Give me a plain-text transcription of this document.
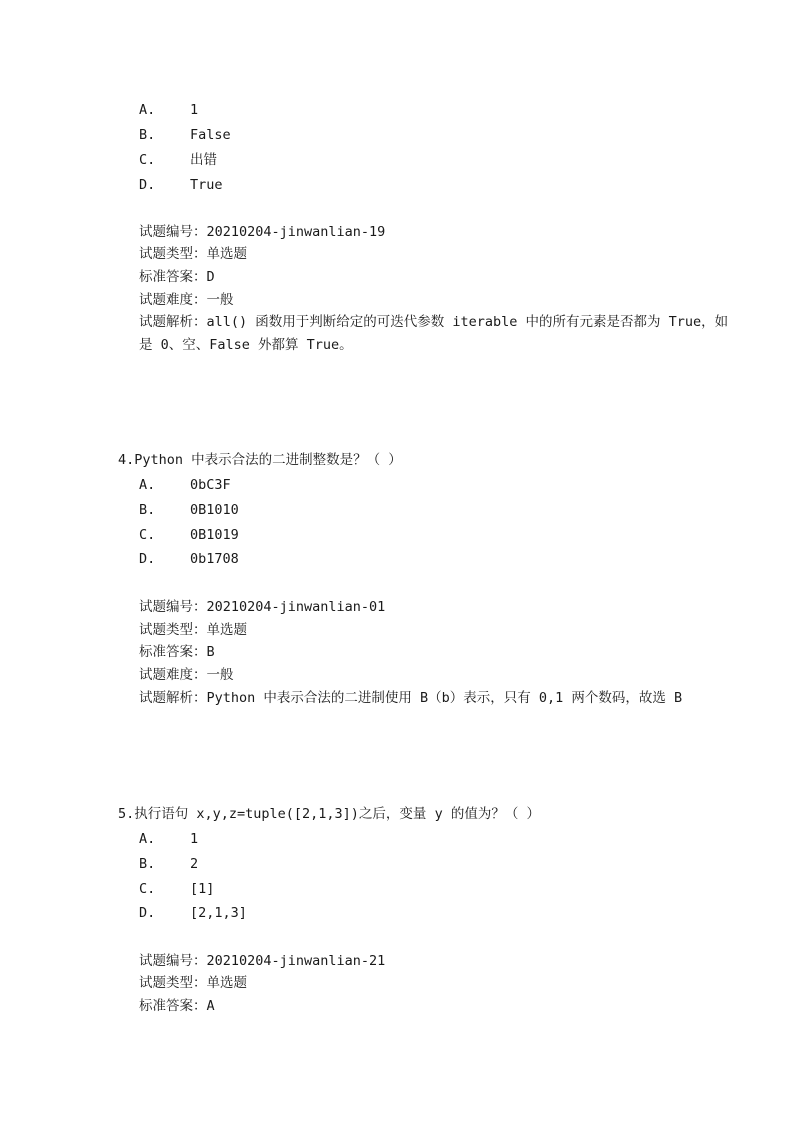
A.	1
B.	False
C.	出错
D.	True
试题编号：20210204-jinwanlian-19
试题类型：单选题
标准答案：D
试题难度：一般
试题解析：all() 函数用于判断给定的可迭代参数 iterable 中的所有元素是否都为 True，如
是 0、空、False 外都算 True。
4.Python 中表示合法的二进制整数是？（ ）
A.	0bC3F
B.	0B1010
C.	0B1019
D.	0b1708
试题编号：20210204-jinwanlian-01
试题类型：单选题
标准答案：B
试题难度：一般
试题解析：Python 中表示合法的二进制使用 B（b）表示，只有 0,1 两个数码，故选 B
5.执行语句 x,y,z=tuple([2,1,3])之后，变量 y 的值为？（ ）
A.	1
B.	2
C.	[1]
D.	[2,1,3]
试题编号：20210204-jinwanlian-21
试题类型：单选题
标准答案：A
